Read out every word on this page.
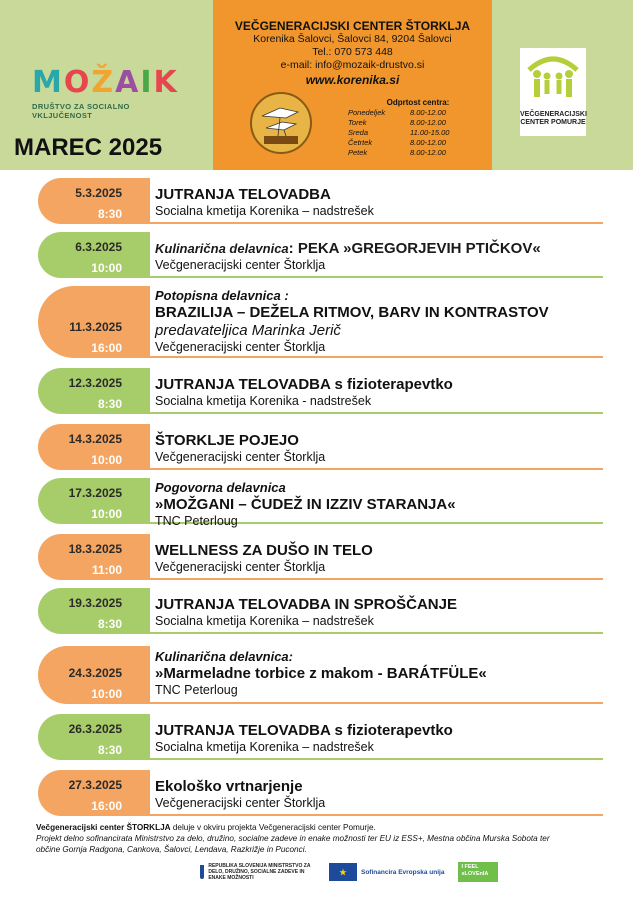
M O Ž A I K
DRUŠTVO ZA SOCIALNO VKLJUČENOST
MAREC 2025
VEČGENERACIJSKI CENTER ŠTORKLJA
Korenika Šalovci, Šalovci 84, 9204 Šalovci
Tel.: 070 573 448
e-mail: info@mozaik-drustvo.si
www.korenika.si
Odprtost centra:
Ponedeljek	8.00-12.00
Torek	8.00-12.00
Sreda	11.00-15.00
Četrtek	8.00-12.00
Petek	8.00-12.00
VEČGENERACIJSKI
CENTER POMURJE
5.3.2025
8:30
JUTRANJA TELOVADBA
Socialna kmetija Korenika – nadstrešek
6.3.2025
10:00
Kulinarična delavnica: PEKA »GREGORJEVIH PTIČKOV«
Večgeneracijski center Štorklja
11.3.2025
16:00
Potopisna delavnica :
BRAZILIJA – DEŽELA RITMOV, BARV IN KONTRASTOV
predavateljica Marinka Jerič
Večgeneracijski center Štorklja
12.3.2025
8:30
JUTRANJA TELOVADBA s fizioterapevtko
Socialna kmetija Korenika - nadstrešek
14.3.2025
10:00
ŠTORKLJE POJEJO
Večgeneracijski center Štorklja
17.3.2025
10:00
Pogovorna delavnica
»MOŽGANI – ČUDEŽ IN IZZIV STARANJA«
TNC Peterloug
18.3.2025
11:00
WELLNESS ZA DUŠO IN TELO
Večgeneracijski center Štorklja
19.3.2025
8:30
JUTRANJA TELOVADBA IN SPROŠČANJE
Socialna kmetija Korenika – nadstrešek
24.3.2025
10:00
Kulinarična delavnica:
»Marmeladne torbice z makom - BARÁTFÜLE«
TNC Peterloug
26.3.2025
8:30
JUTRANJA TELOVADBA s fizioterapevtko
Socialna kmetija Korenika – nadstrešek
27.3.2025
16:00
Ekološko vrtnarjenje
Večgeneracijski center Štorklja
Večgeneracijski center ŠTORKLJA deluje v okviru projekta Večgeneracijski center Pomurje.
Projekt delno sofinancirata Ministrstvo za delo, družino, socialne zadeve in enake možnosti ter EU iz ESS+, Mestna občina Murska Sobota ter
občine Gornja Radgona, Cankova, Šalovci, Lendava, Razkrižje in Puconci.
REPUBLIKA SLOVENIJA MINISTRSTVO ZA DELO, DRUŽINO, SOCIALNE ZADEVE IN ENAKE MOŽNOSTI
★	Sofinancira Evropska unija
I FEEL sLOVEnIA
